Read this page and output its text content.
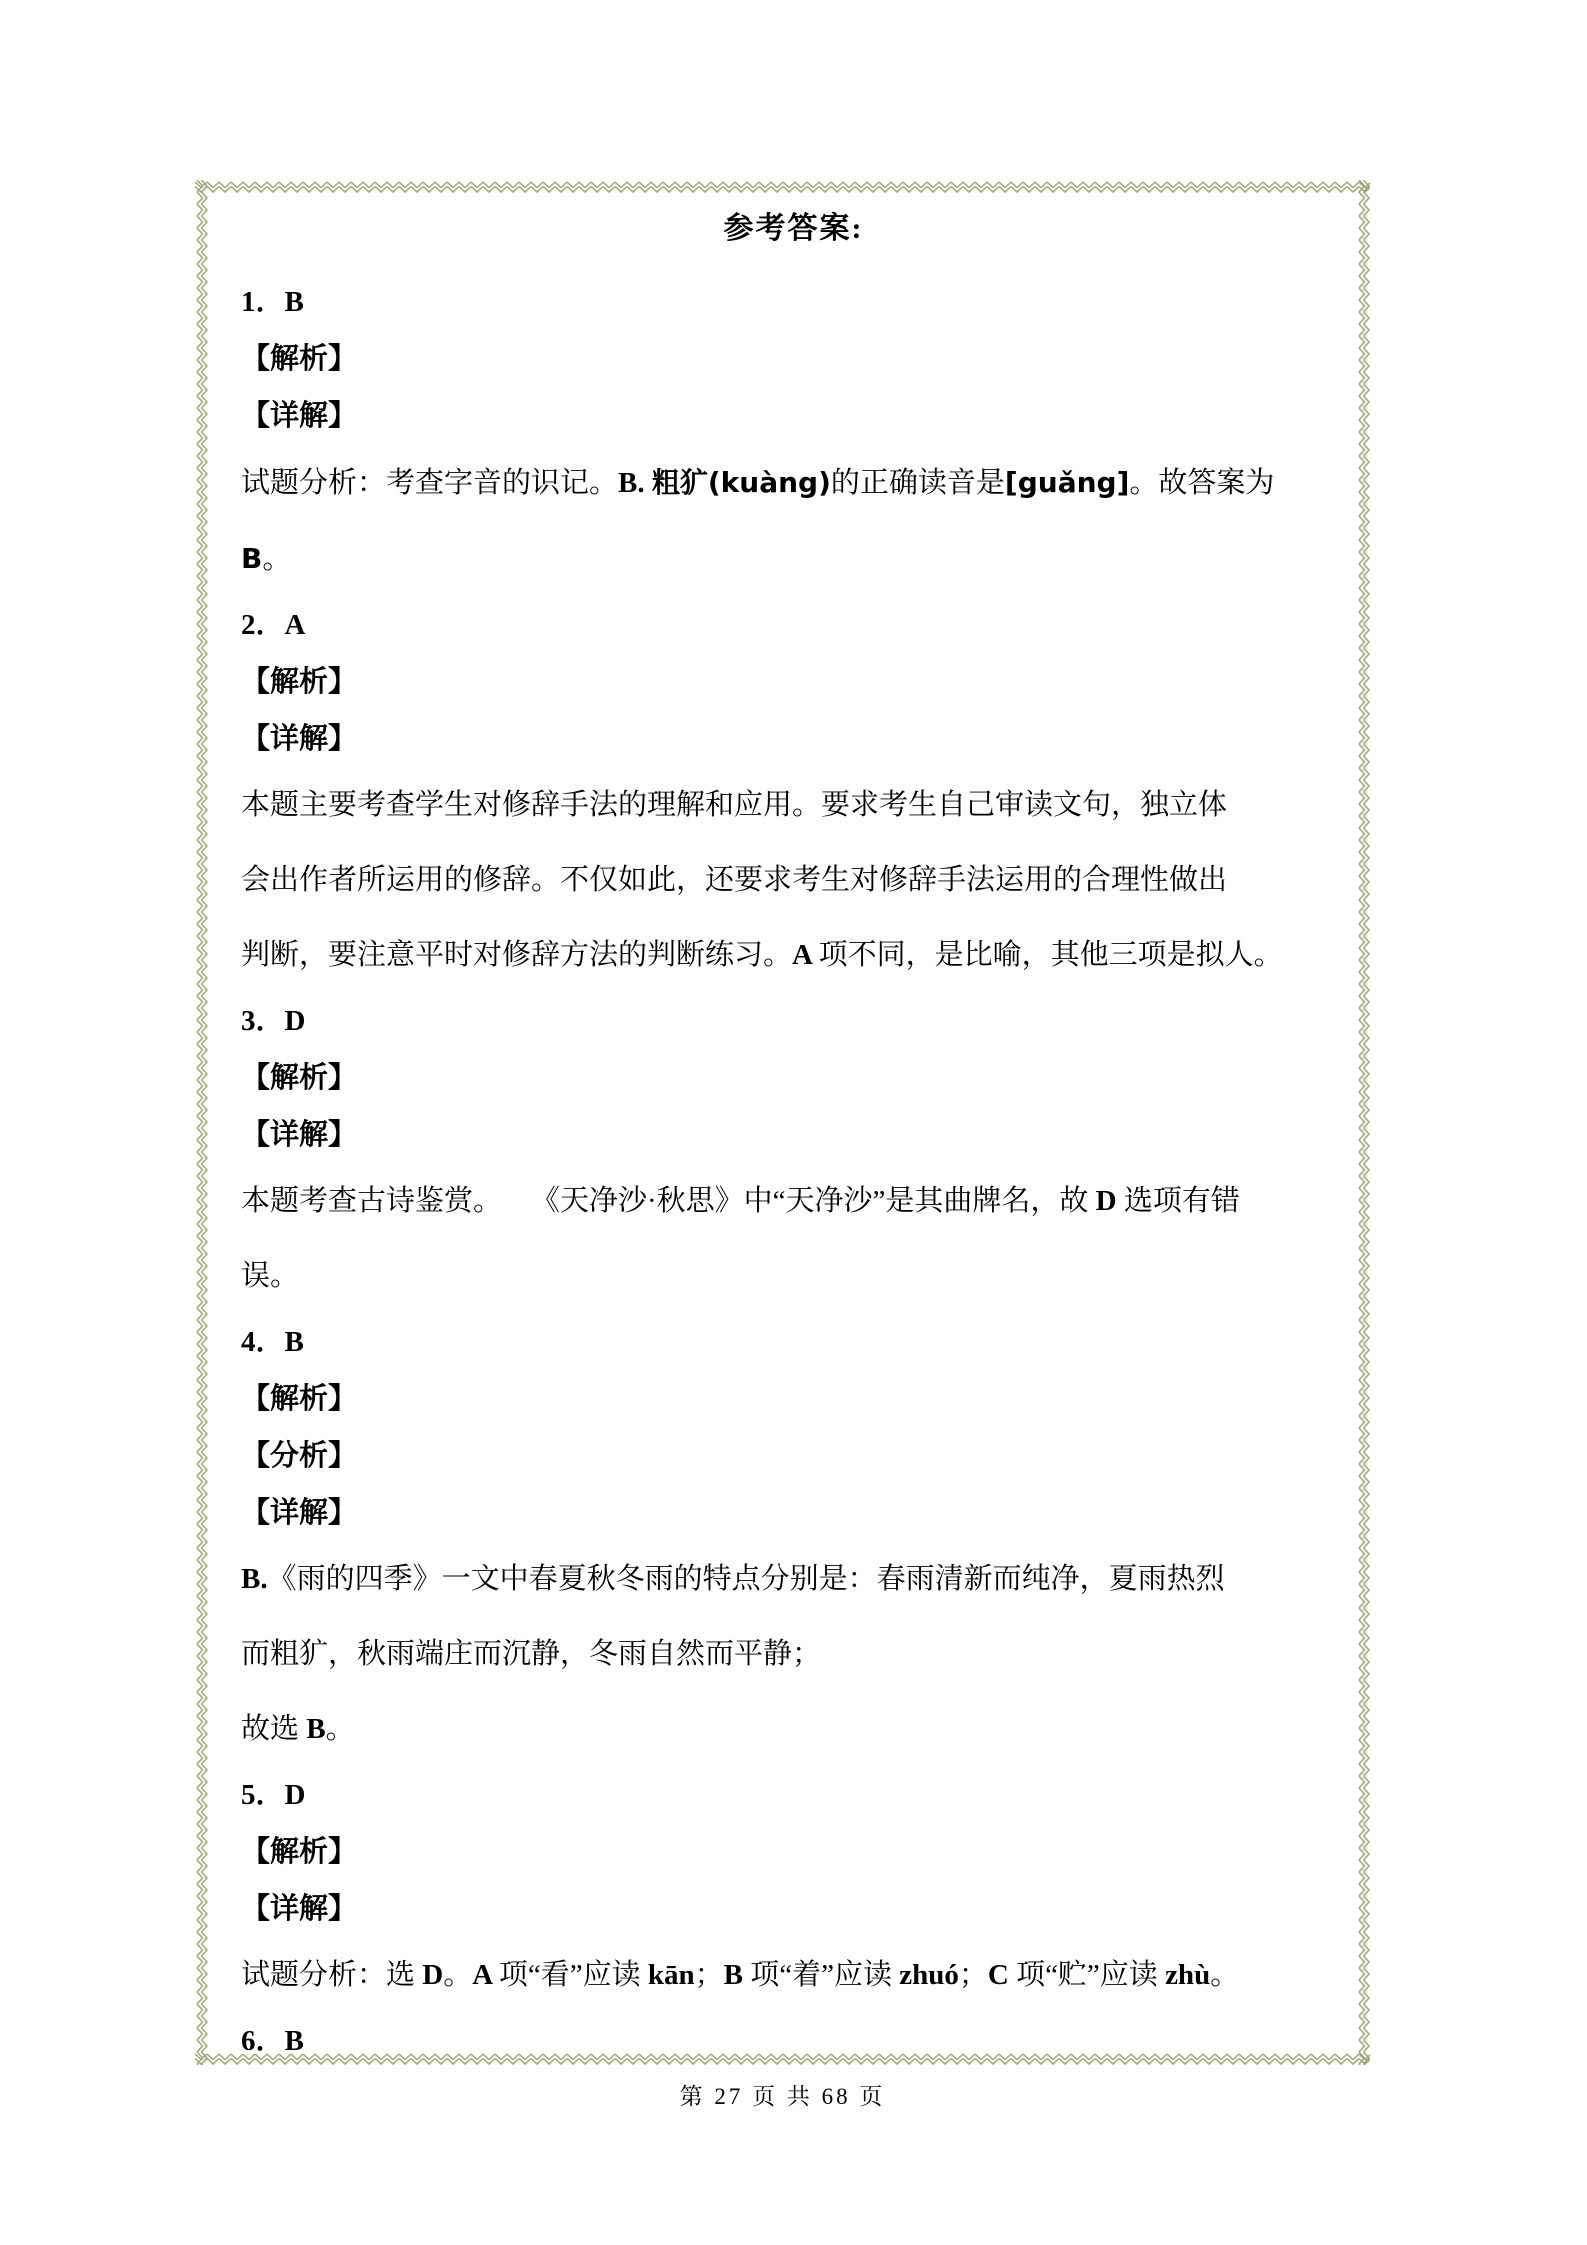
参考答案:
1．B
【解析】
【详解】
试题分析：考查字音的识记。B. 粗犷(kuàng)的正确读音是[guǎng]。故答案为
B。
2．A
【解析】
【详解】
本题主要考查学生对修辞手法的理解和应用。要求考生自己审读文句，独立体
会出作者所运用的修辞。不仅如此，还要求考生对修辞手法运用的合理性做出
判断，要注意平时对修辞方法的判断练习。A 项不同，是比喻，其他三项是拟人。
3．D
【解析】
【详解】
本题考查古诗鉴赏。　　《天净沙·秋思》中“天净沙”是其曲牌名，故 D 选项有错
误。
4．B
【解析】
【分析】
【详解】
B.《雨的四季》一文中春夏秋冬雨的特点分别是：春雨清新而纯净，夏雨热烈
而粗犷，秋雨端庄而沉静，冬雨自然而平静；
故选 B。
5．D
【解析】
【详解】
试题分析：选 D。A 项“看”应读 kān；B 项“着”应读 zhuó；C 项“贮”应读 zhù。
6．B
第 27 页 共 68 页
